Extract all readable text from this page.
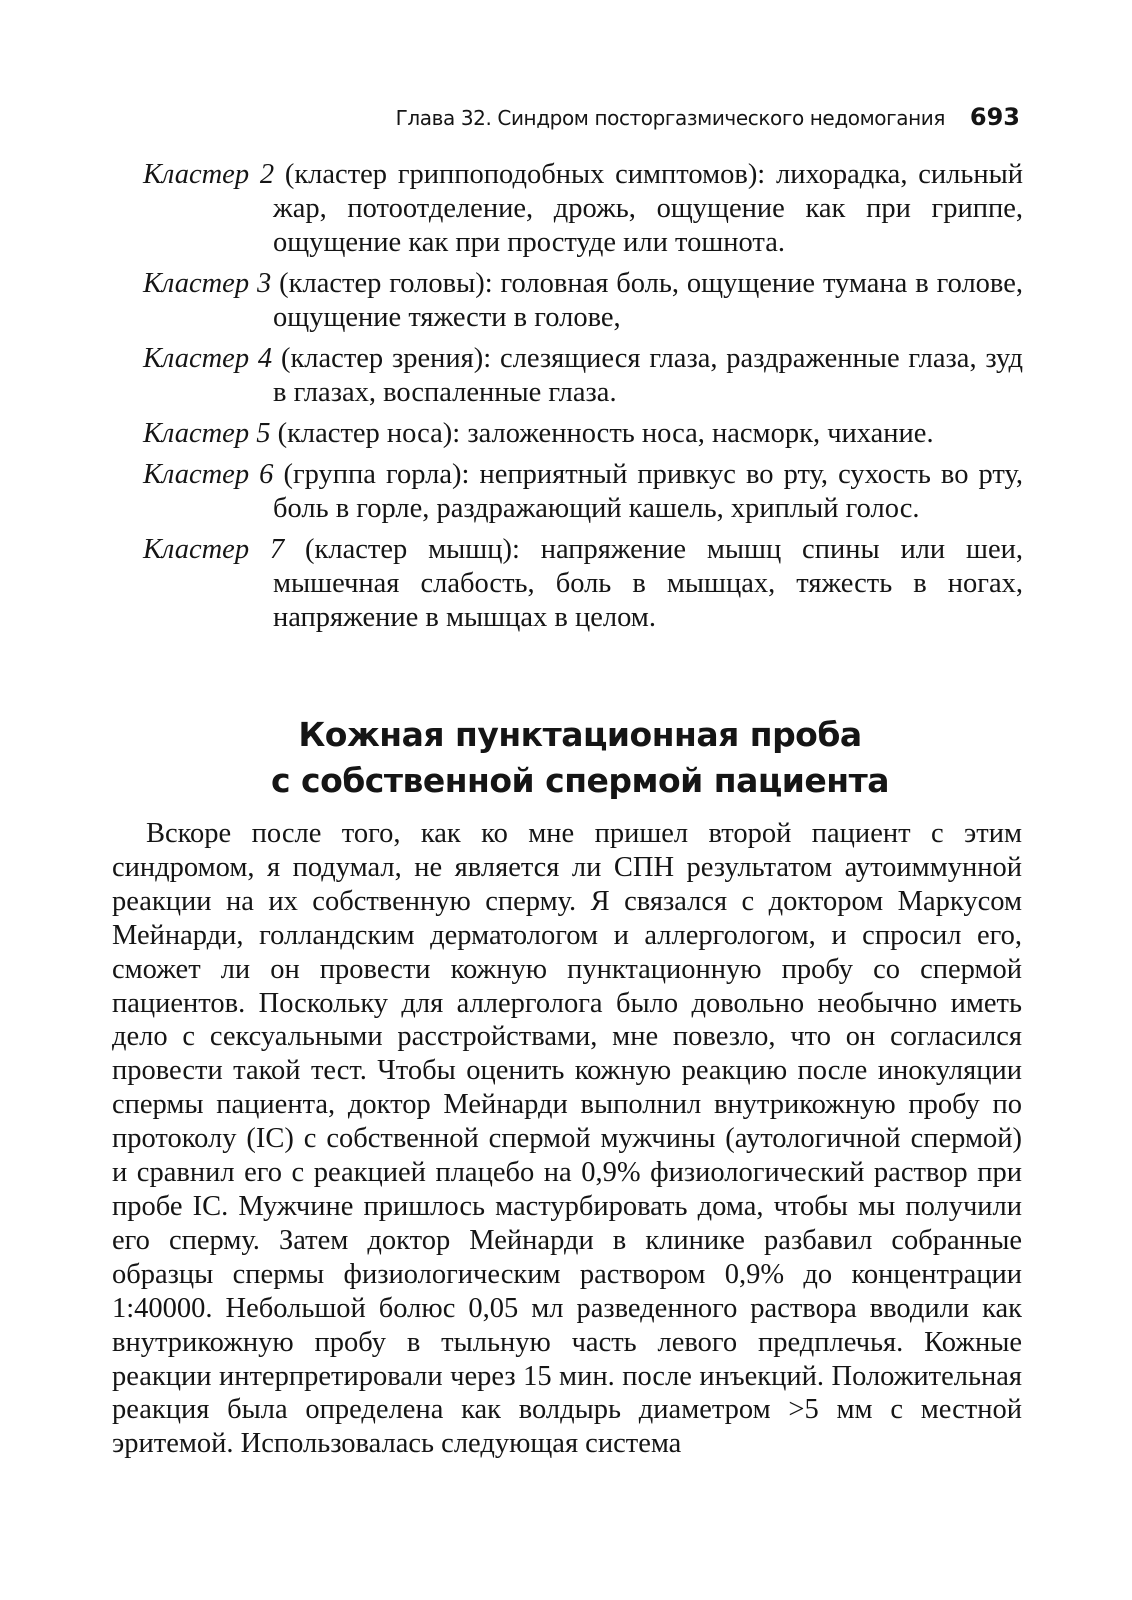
Глава 32. Синдром посторгазмического недомогания 693
Кластер 2 (кластер гриппоподобных симптомов): лихорадка, сильный жар, потоотделение, дрожь, ощущение как при гриппе, ощущение как при простуде или тошнота.
Кластер 3 (кластер головы): головная боль, ощущение тумана в голове, ощущение тяжести в голове,
Кластер 4 (кластер зрения): слезящиеся глаза, раздраженные глаза, зуд в глазах, воспаленные глаза.
Кластер 5 (кластер носа): заложенность носа, насморк, чихание.
Кластер 6 (группа горла): неприятный привкус во рту, сухость во рту, боль в горле, раздражающий кашель, хриплый голос.
Кластер 7 (кластер мышц): напряжение мышц спины или шеи, мышечная слабость, боль в мышцах, тяжесть в ногах, напряжение в мышцах в целом.
Кожная пунктационная проба
с собственной спермой пациента

Вскоре после того, как ко мне пришел второй пациент с этим синдромом, я подумал, не является ли СПН результатом аутоиммунной реакции на их собственную сперму. Я связался с доктором Маркусом Мейнарди, голландским дерматологом и аллергологом, и спросил его, сможет ли он провести кожную пунктационную пробу со спермой пациентов. Поскольку для аллерголога было довольно необычно иметь дело с сексуальными расстройствами, мне повезло, что он согласился провести такой тест. Чтобы оценить кожную реакцию после инокуляции спермы пациента, доктор Мейнарди выполнил внутрикожную пробу по протоколу (IC) с собственной спермой мужчины (аутологичной спермой) и сравнил его с реакцией плацебо на 0,9% физиологический раствор при пробе IC. Мужчине пришлось мастурбировать дома, чтобы мы получили его сперму. Затем доктор Мейнарди в клинике разбавил собранные образцы спермы физиологическим раствором 0,9% до концентрации 1:40000. Небольшой болюс 0,05 мл разведенного раствора вводили как внутрикожную пробу в тыльную часть левого предплечья. Кожные реакции интерпретировали через 15 мин. после инъекций. Положительная реакция была определена как волдырь диаметром >5 мм с местной эритемой. Использовалась следующая система
